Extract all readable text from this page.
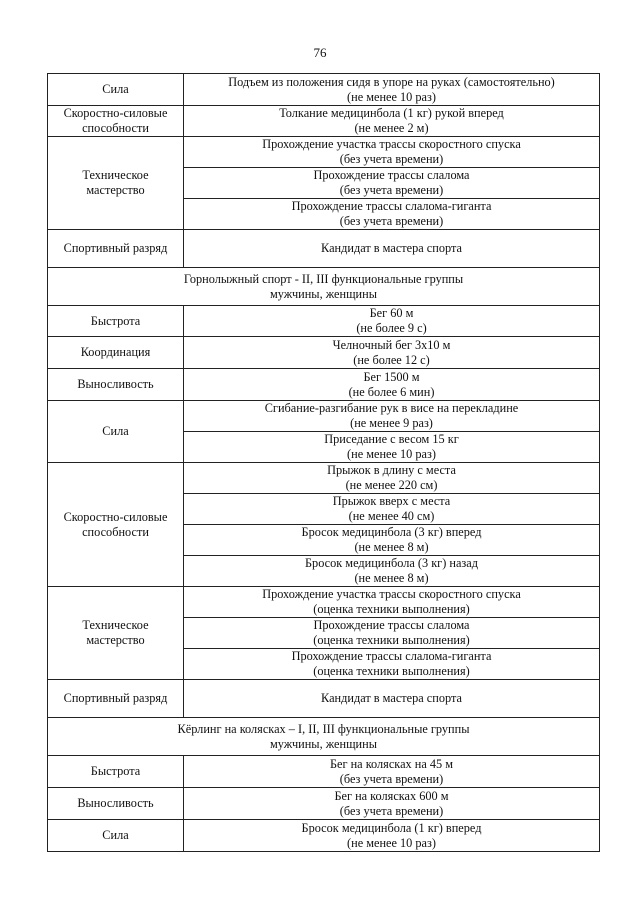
76
Сила	Подъем из положения сидя в упоре на руках (самостоятельно)
(не менее 10 раз)

Скоростно-силовые
способности	Толкание медицинбола (1 кг) рукой вперед
(не менее 2 м)

Техническое
мастерство	Прохождение участка трассы скоростного спуска
(без учета времени)

	Прохождение трассы слалома
(без учета времени)

	Прохождение трассы слалома-гиганта
(без учета времени)

Спортивный разряд	Кандидат в мастера спорта

Горнолыжный спорт - II, III функциональные группы
мужчины, женщины	

Быстрота	Бег 60 м
(не более 9 с)

Координация	Челночный бег 3х10 м
(не более 12 с)

Выносливость	Бег 1500 м
(не более 6 мин)

Сила	Сгибание-разгибание рук в висе на перекладине
(не менее 9 раз)

	Приседание с весом 15 кг
(не менее 10 раз)

Скоростно-силовые
способности	Прыжок в длину с места
(не менее 220 см)

	Прыжок вверх с места
(не менее 40 см)

	Бросок медицинбола (3 кг) вперед
(не менее 8 м)

	Бросок медицинбола (3 кг) назад
(не менее 8 м)

Техническое
мастерство	Прохождение участка трассы скоростного спуска
(оценка техники выполнения)

	Прохождение трассы слалома
(оценка техники выполнения)

	Прохождение трассы слалома-гиганта
(оценка техники выполнения)

Спортивный разряд	Кандидат в мастера спорта

Кёрлинг на колясках – I, II, III функциональные группы
мужчины, женщины	

Быстрота	Бег на колясках на 45 м
(без учета времени)

Выносливость	Бег на колясках 600 м
(без учета времени)

Сила	Бросок медицинбола (1 кг) вперед
(не менее 10 раз)
